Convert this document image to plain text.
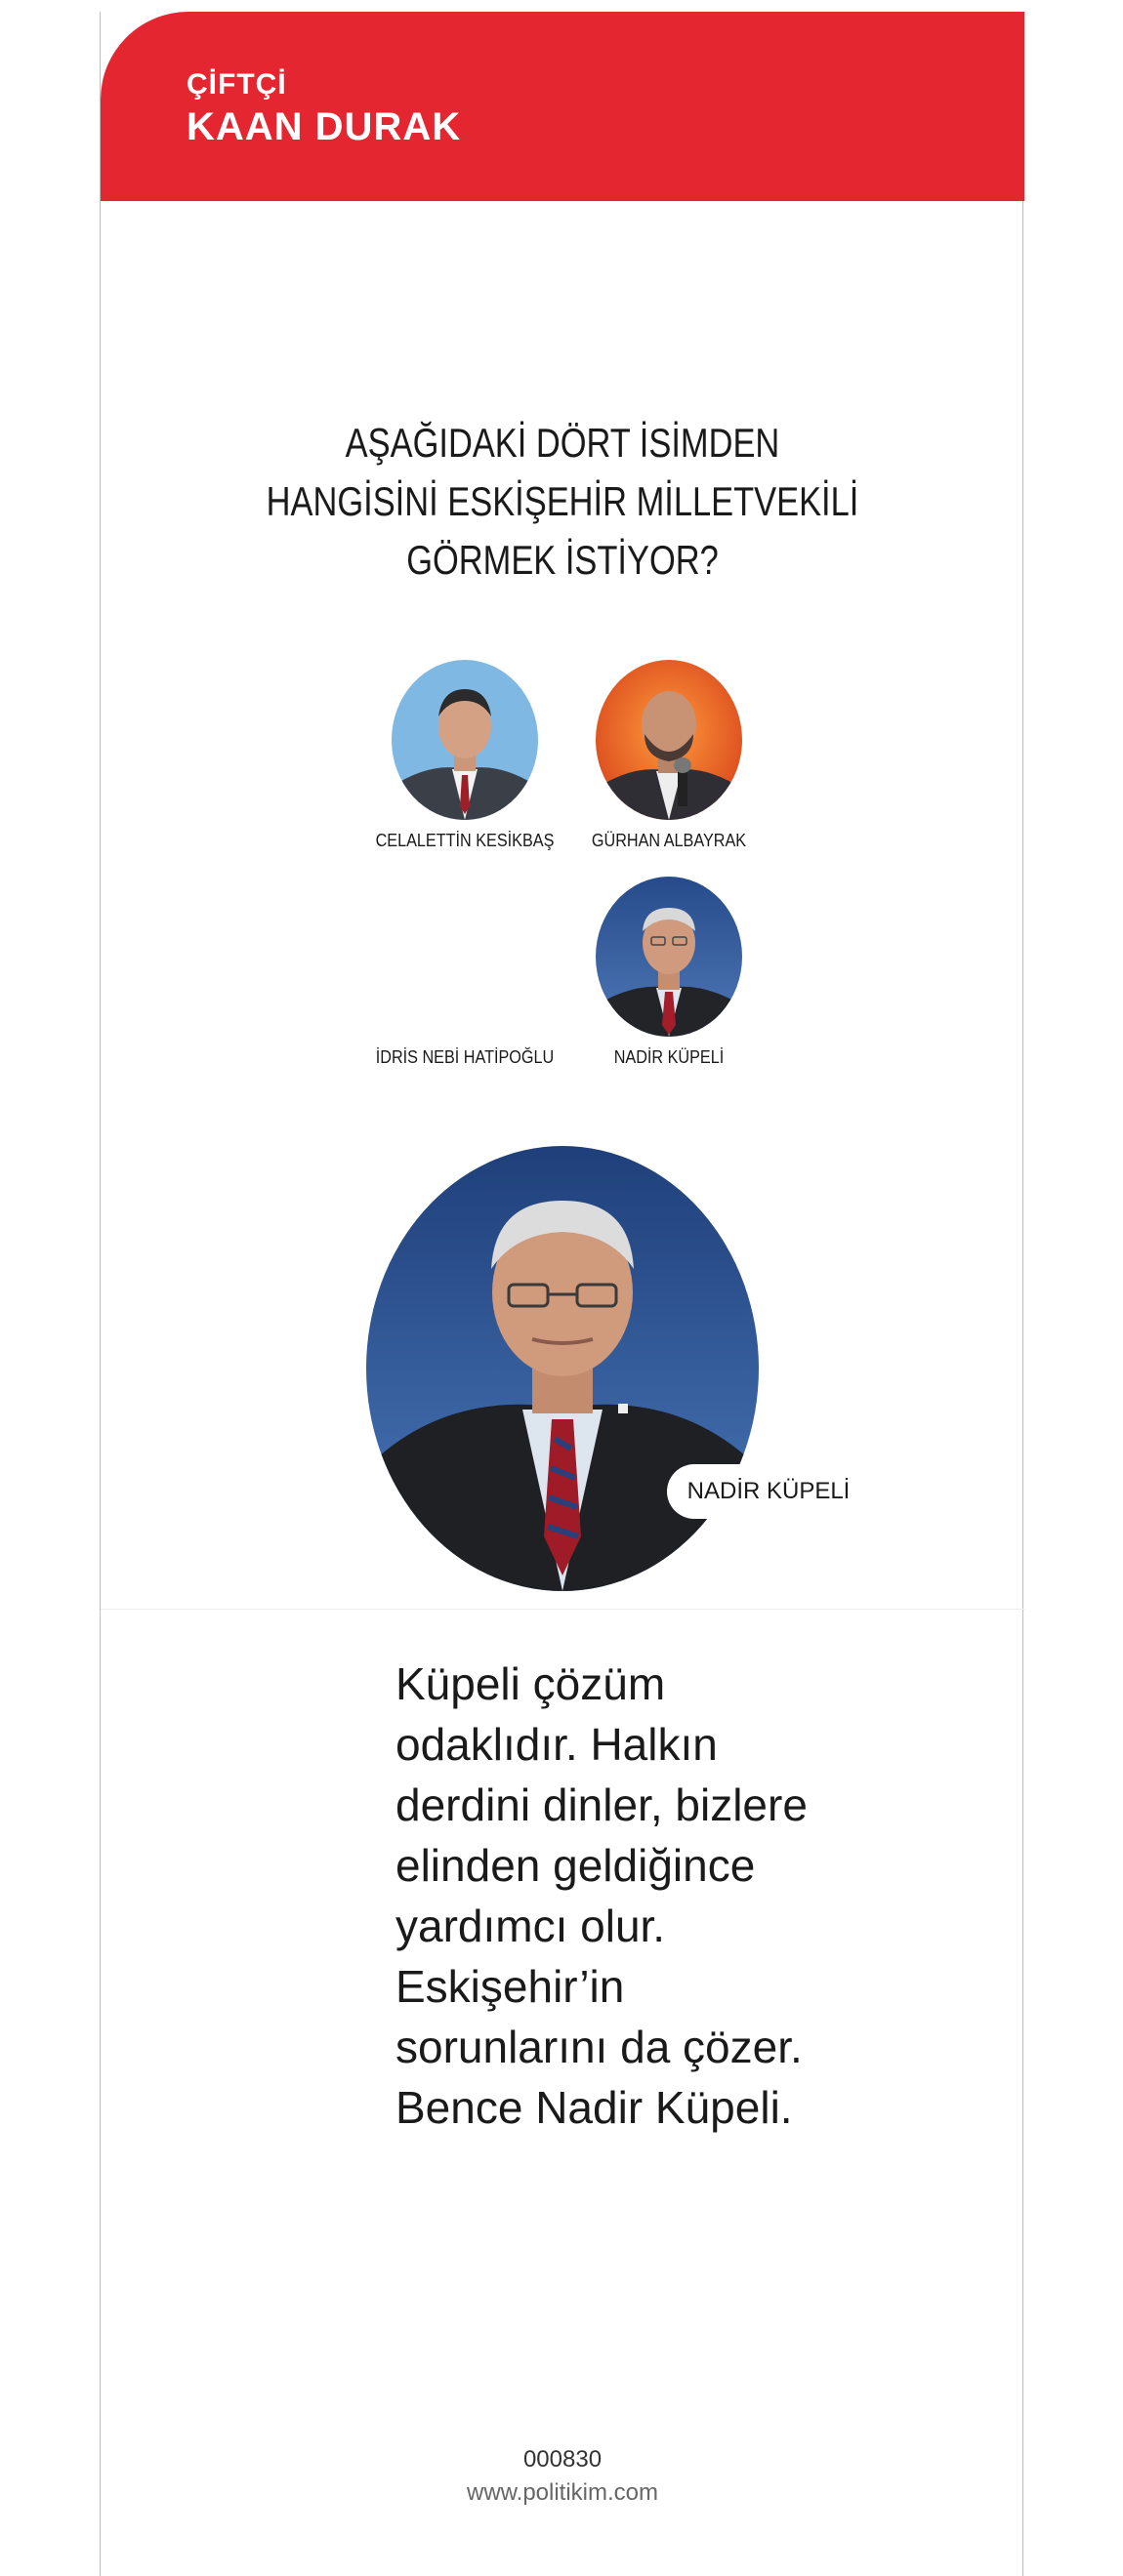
ÇİFTÇİ
KAAN DURAK
AŞAĞIDAKİ DÖRT İSİMDEN
HANGİSİNİ ESKİŞEHİR MİLLETVEKİLİ
GÖRMEK İSTİYOR?
CELALETTİN KESİKBAŞ	GÜRHAN ALBAYRAK
İDRİS NEBİ HATİPOĞLU	NADİR KÜPELİ
NADİR KÜPELİ
Küpeli çözüm
odaklıdır. Halkın
derdini dinler, bizlere
elinden geldiğince
yardımcı olur.
Eskişehir’in
sorunlarını da çözer.
Bence Nadir Küpeli.
000830
www.politikim.com
